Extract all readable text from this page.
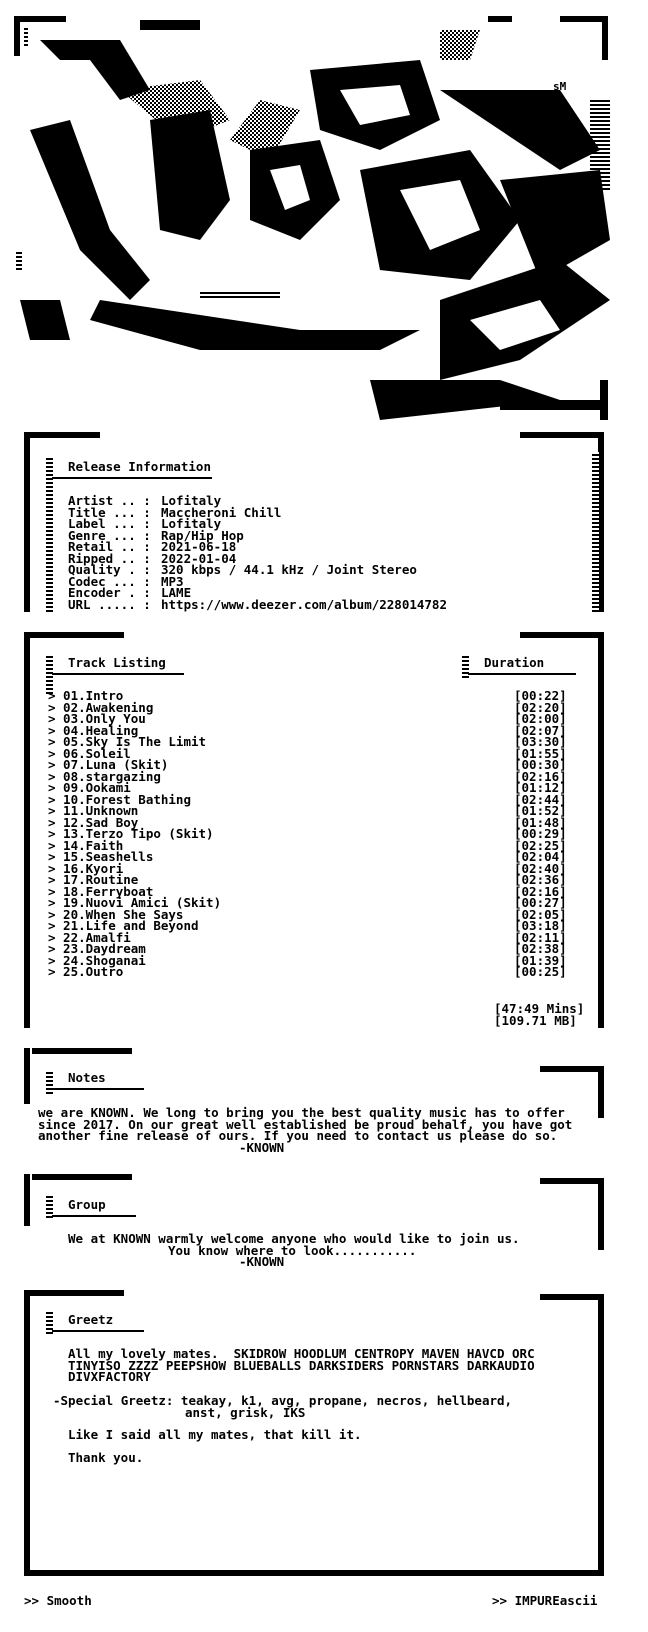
sM
Release Information
Artist .. : Lofitaly
Title ... : Maccheroni Chill
Label ... : Lofitaly
Genre ... : Rap/Hip Hop
Retail .. : 2021-06-18
Ripped .. : 2022-01-04
Quality . : 320 kbps / 44.1 kHz / Joint Stereo
Codec ... : MP3
Encoder . : LAME
URL ..... : https://www.deezer.com/album/228014782
Track Listing	Duration
> 01.Intro	[00:22]
> 02.Awakening	[02:20]
> 03.Only You	[02:00]
> 04.Healing	[02:07]
> 05.Sky Is The Limit	[03:30]
> 06.Soleil	[01:55]
> 07.Luna (Skit)	[00:30]
> 08.stargazing	[02:16]
> 09.Ookami	[01:12]
> 10.Forest Bathing	[02:44]
> 11.Unknown	[01:52]
> 12.Sad Boy	[01:48]
> 13.Terzo Tipo (Skit)	[00:29]
> 14.Faith	[02:25]
> 15.Seashells	[02:04]
> 16.Kyori	[02:40]
> 17.Routine	[02:36]
> 18.Ferryboat	[02:16]
> 19.Nuovi Amici (Skit)	[00:27]
> 20.When She Says	[02:05]
> 21.Life and Beyond	[03:18]
> 22.Amalfi	[02:11]
> 23.Daydream	[02:38]
> 24.Shoganai	[01:39]
> 25.Outro	[00:25]
[47:49 Mins]
[109.71 MB]
Notes
we are KNOWN. We long to bring you the best quality music has to offer
since 2017. On our great well established be proud behalf, you have got
another fine release of ours. If you need to contact us please do so.
-KNOWN
Group
We at KNOWN warmly welcome anyone who would like to join us.
You know where to look...........
-KNOWN
Greetz
All my lovely mates.  SKIDROW HOODLUM CENTROPY MAVEN HAVCD ORC
TINYISO ZZZZ PEEPSHOW BLUEBALLS DARKSIDERS PORNSTARS DARKAUDIO
DIVXFACTORY
-Special Greetz: teakay, k1, avg, propane, necros, hellbeard,
anst, grisk, IKS
Like I said all my mates, that kill it.
Thank you.
>> Smooth	>> IMPUREascii
